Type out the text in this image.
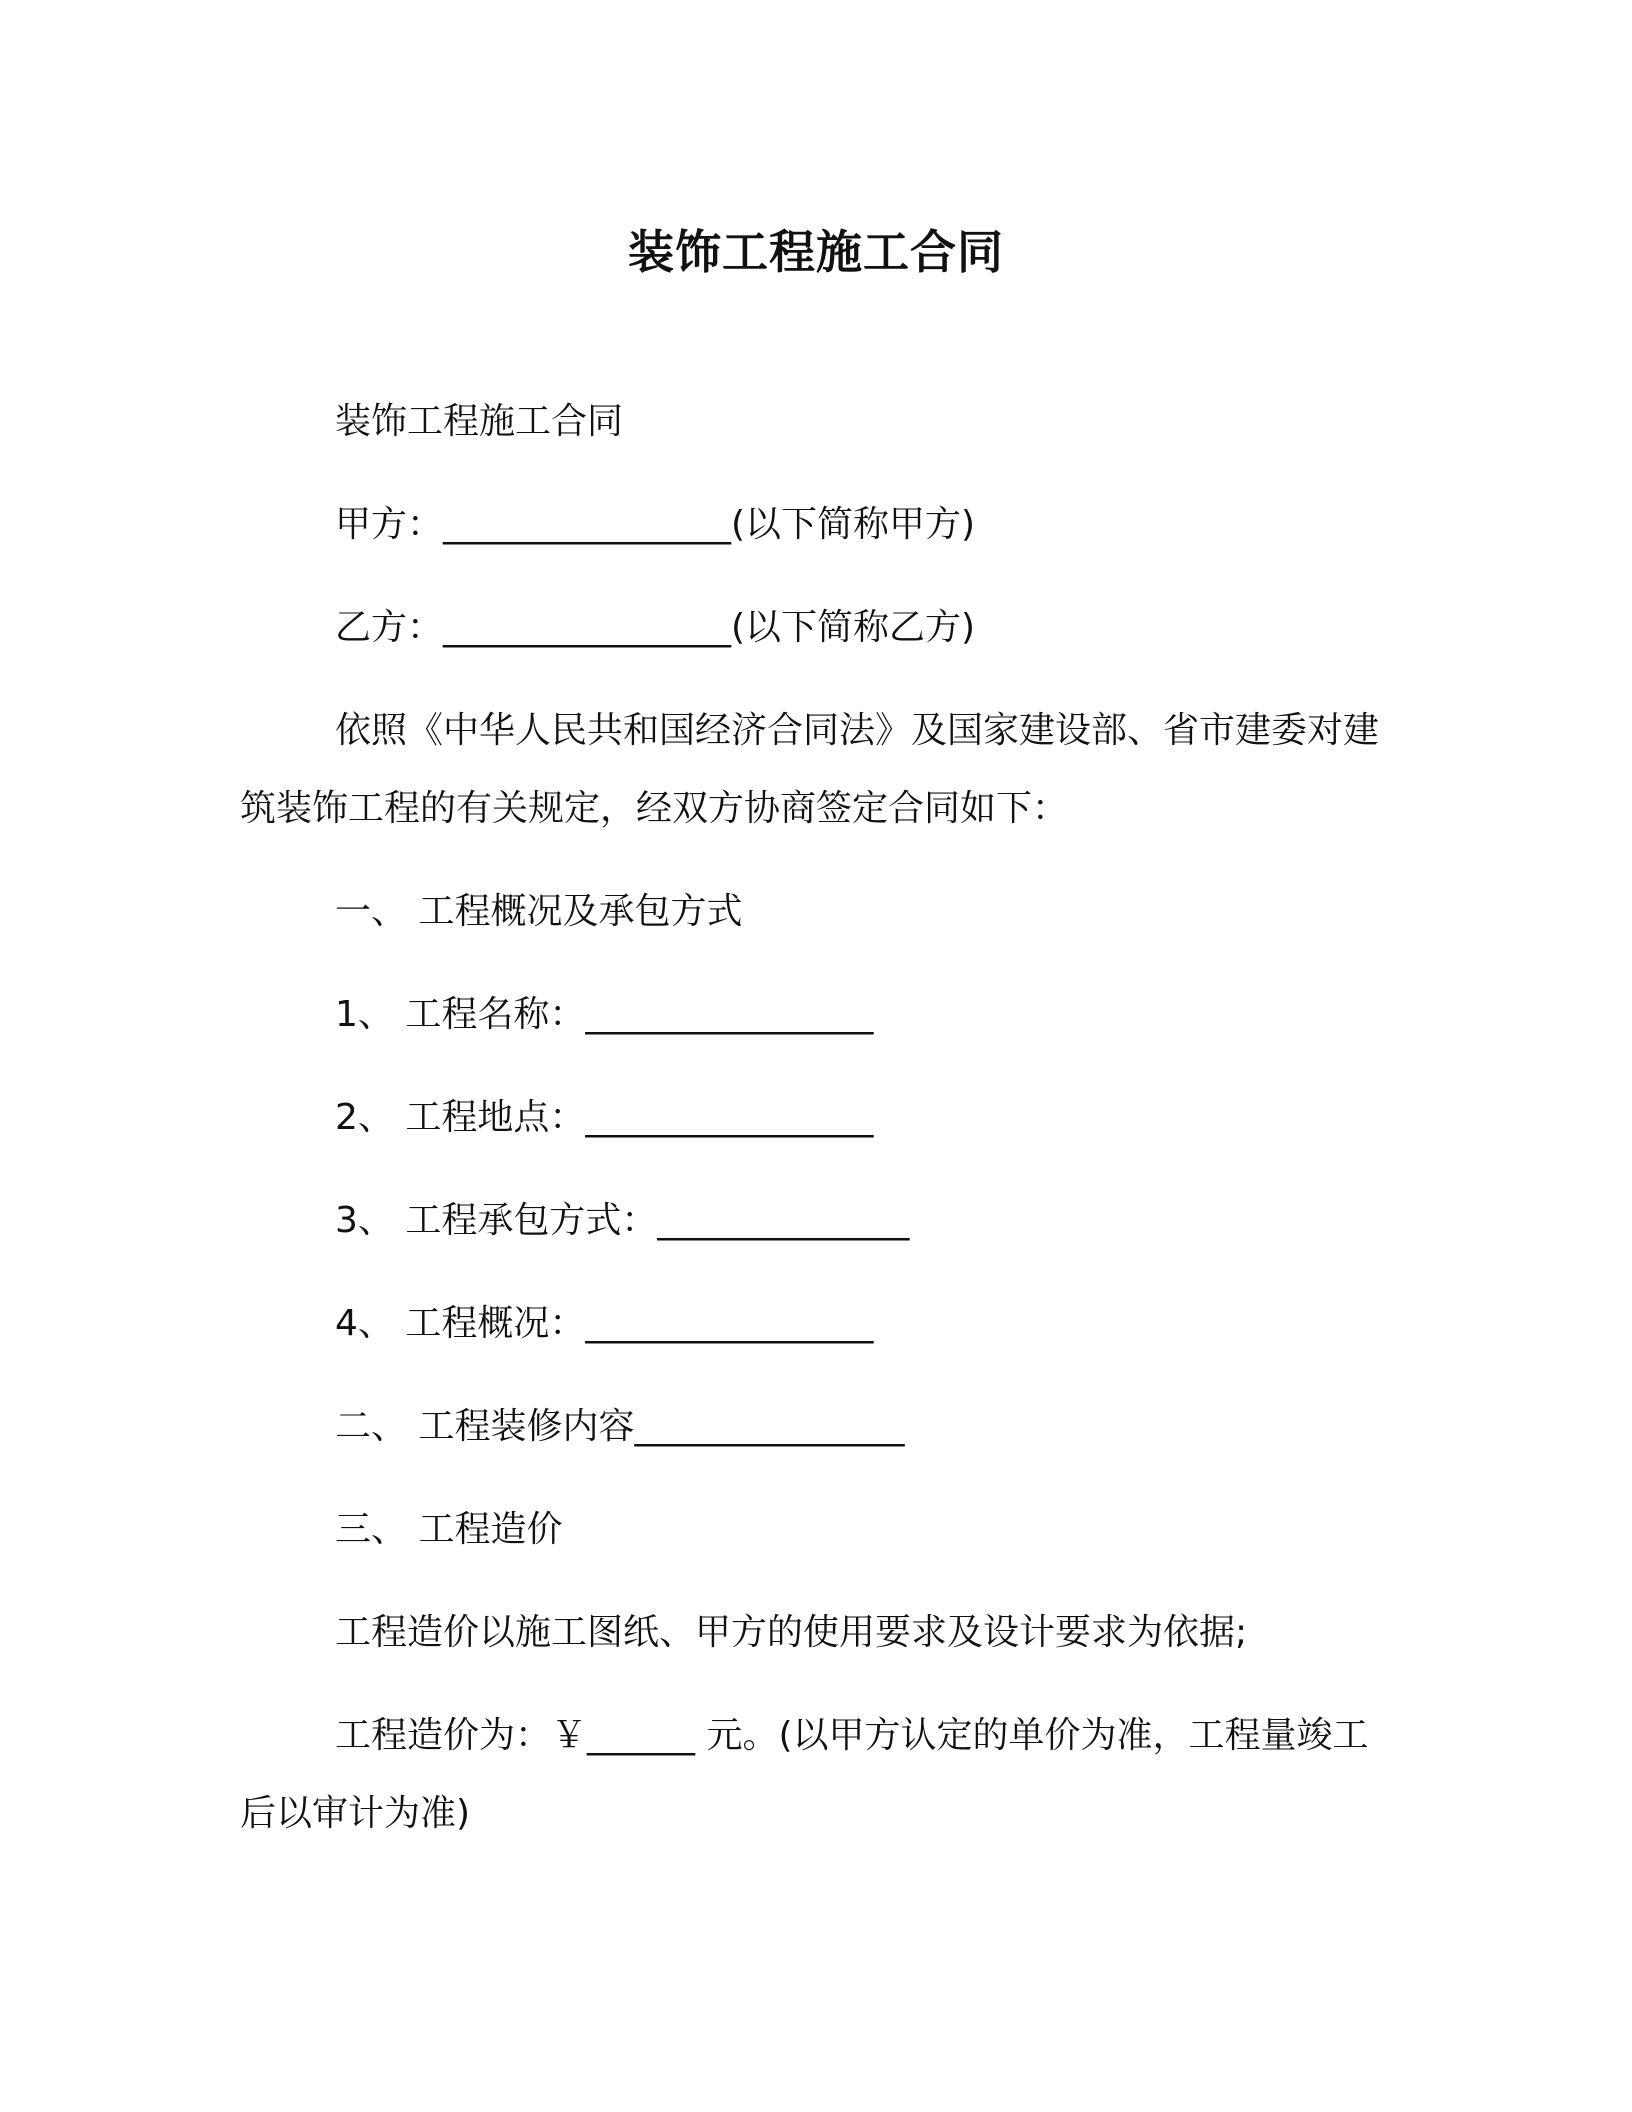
装饰工程施工合同
装饰工程施工合同
甲方：________________(以下简称甲方)
乙方：________________(以下简称乙方)
依照《中华人民共和国经济合同法》及国家建设部、省市建委对建筑装饰工程的有关规定，经双方协商签定合同如下：
一、 工程概况及承包方式
1、 工程名称：________________
2、 工程地点：________________
3、 工程承包方式：______________
4、 工程概况：________________
二、 工程装修内容_______________
三、 工程造价
工程造价以施工图纸、甲方的使用要求及设计要求为依据;
工程造价为：￥______ 元。(以甲方认定的单价为准，工程量竣工后以审计为准)
